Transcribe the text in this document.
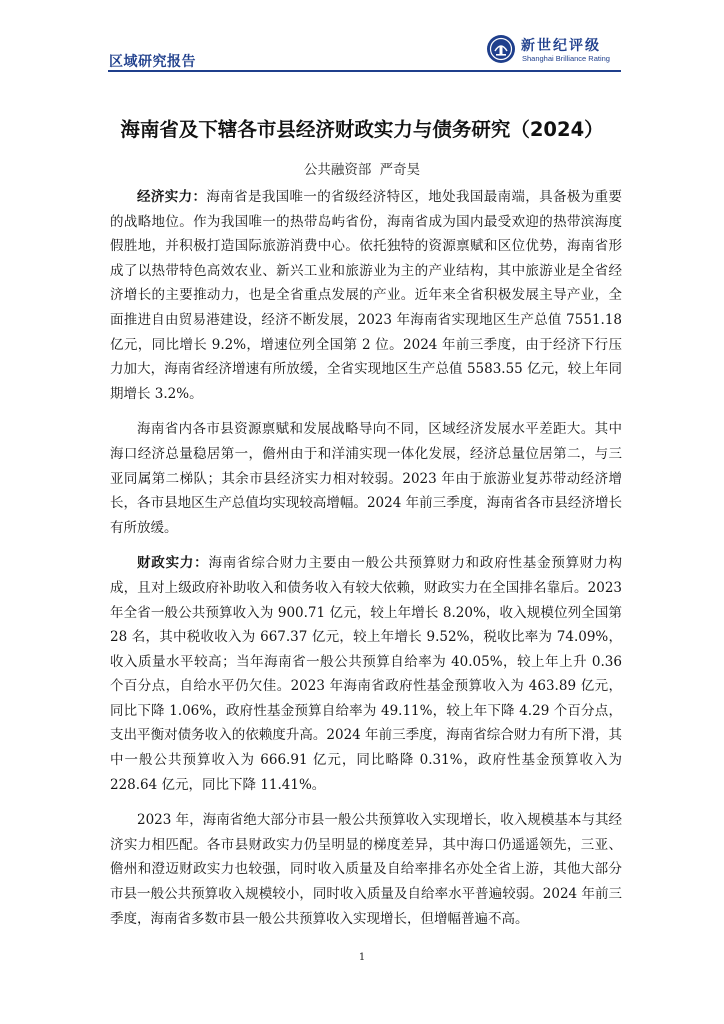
区域研究报告
新世纪评级
Shanghai Brilliance Rating
海南省及下辖各市县经济财政实力与债务研究（2024）
公共融资部 严奇昊

经济实力：海南省是我国唯一的省级经济特区，地处我国最南端，具备极为重要的战略地位。作为我国唯一的热带岛屿省份，海南省成为国内最受欢迎的热带滨海度假胜地，并积极打造国际旅游消费中心。依托独特的资源禀赋和区位优势，海南省形成了以热带特色高效农业、新兴工业和旅游业为主的产业结构，其中旅游业是全省经济增长的主要推动力，也是全省重点发展的产业。近年来全省积极发展主导产业，全面推进自由贸易港建设，经济不断发展，2023 年海南省实现地区生产总值 7551.18 亿元，同比增长 9.2%，增速位列全国第 2 位。2024 年前三季度，由于经济下行压力加大，海南省经济增速有所放缓，全省实现地区生产总值 5583.55 亿元，较上年同期增长 3.2%。

海南省内各市县资源禀赋和发展战略导向不同，区域经济发展水平差距大。其中海口经济总量稳居第一，儋州由于和洋浦实现一体化发展，经济总量位居第二，与三亚同属第二梯队；其余市县经济实力相对较弱。2023 年由于旅游业复苏带动经济增长，各市县地区生产总值均实现较高增幅。2024 年前三季度，海南省各市县经济增长有所放缓。

财政实力：海南省综合财力主要由一般公共预算财力和政府性基金预算财力构成，且对上级政府补助收入和债务收入有较大依赖，财政实力在全国排名靠后。2023 年全省一般公共预算收入为 900.71 亿元，较上年增长 8.20%，收入规模位列全国第 28 名，其中税收收入为 667.37 亿元，较上年增长 9.52%，税收比率为 74.09%，收入质量水平较高；当年海南省一般公共预算自给率为 40.05%，较上年上升 0.36 个百分点，自给水平仍欠佳。2023 年海南省政府性基金预算收入为 463.89 亿元，同比下降 1.06%，政府性基金预算自给率为 49.11%，较上年下降 4.29 个百分点，支出平衡对债务收入的依赖度升高。2024 年前三季度，海南省综合财力有所下滑，其中一般公共预算收入为 666.91 亿元，同比略降 0.31%，政府性基金预算收入为 228.64 亿元，同比下降 11.41%。

2023 年，海南省绝大部分市县一般公共预算收入实现增长，收入规模基本与其经济实力相匹配。各市县财政实力仍呈明显的梯度差异，其中海口仍遥遥领先，三亚、儋州和澄迈财政实力也较强，同时收入质量及自给率排名亦处全省上游，其他大部分市县一般公共预算收入规模较小，同时收入质量及自给率水平普遍较弱。2024 年前三季度，海南省多数市县一般公共预算收入实现增长，但增幅普遍不高。

1
